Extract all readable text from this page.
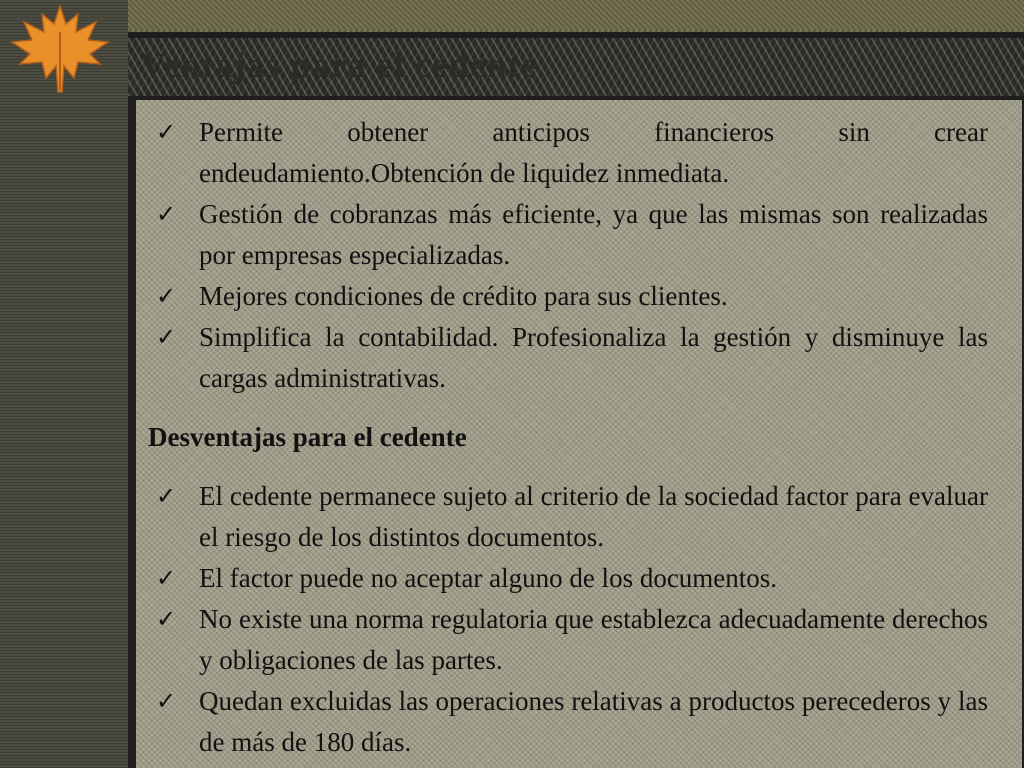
Ventajas para el cedente
✓ Permite obtener anticipos financieros sin crear endeudamiento.Obtención de liquidez inmediata.
✓ Gestión de cobranzas más eficiente, ya que las mismas son realizadas por empresas especializadas.
✓ Mejores condiciones de crédito para sus clientes.
✓ Simplifica la contabilidad. Profesionaliza la gestión y disminuye las cargas administrativas.
Desventajas para el cedente
✓ El cedente permanece sujeto al criterio de la sociedad factor para evaluar el riesgo de los distintos documentos.
✓ El factor puede no aceptar alguno de los documentos.
✓ No existe una norma regulatoria que establezca adecuadamente derechos y obligaciones de las partes.
✓ Quedan excluidas las operaciones relativas a productos perecederos y las de más de 180 días.
